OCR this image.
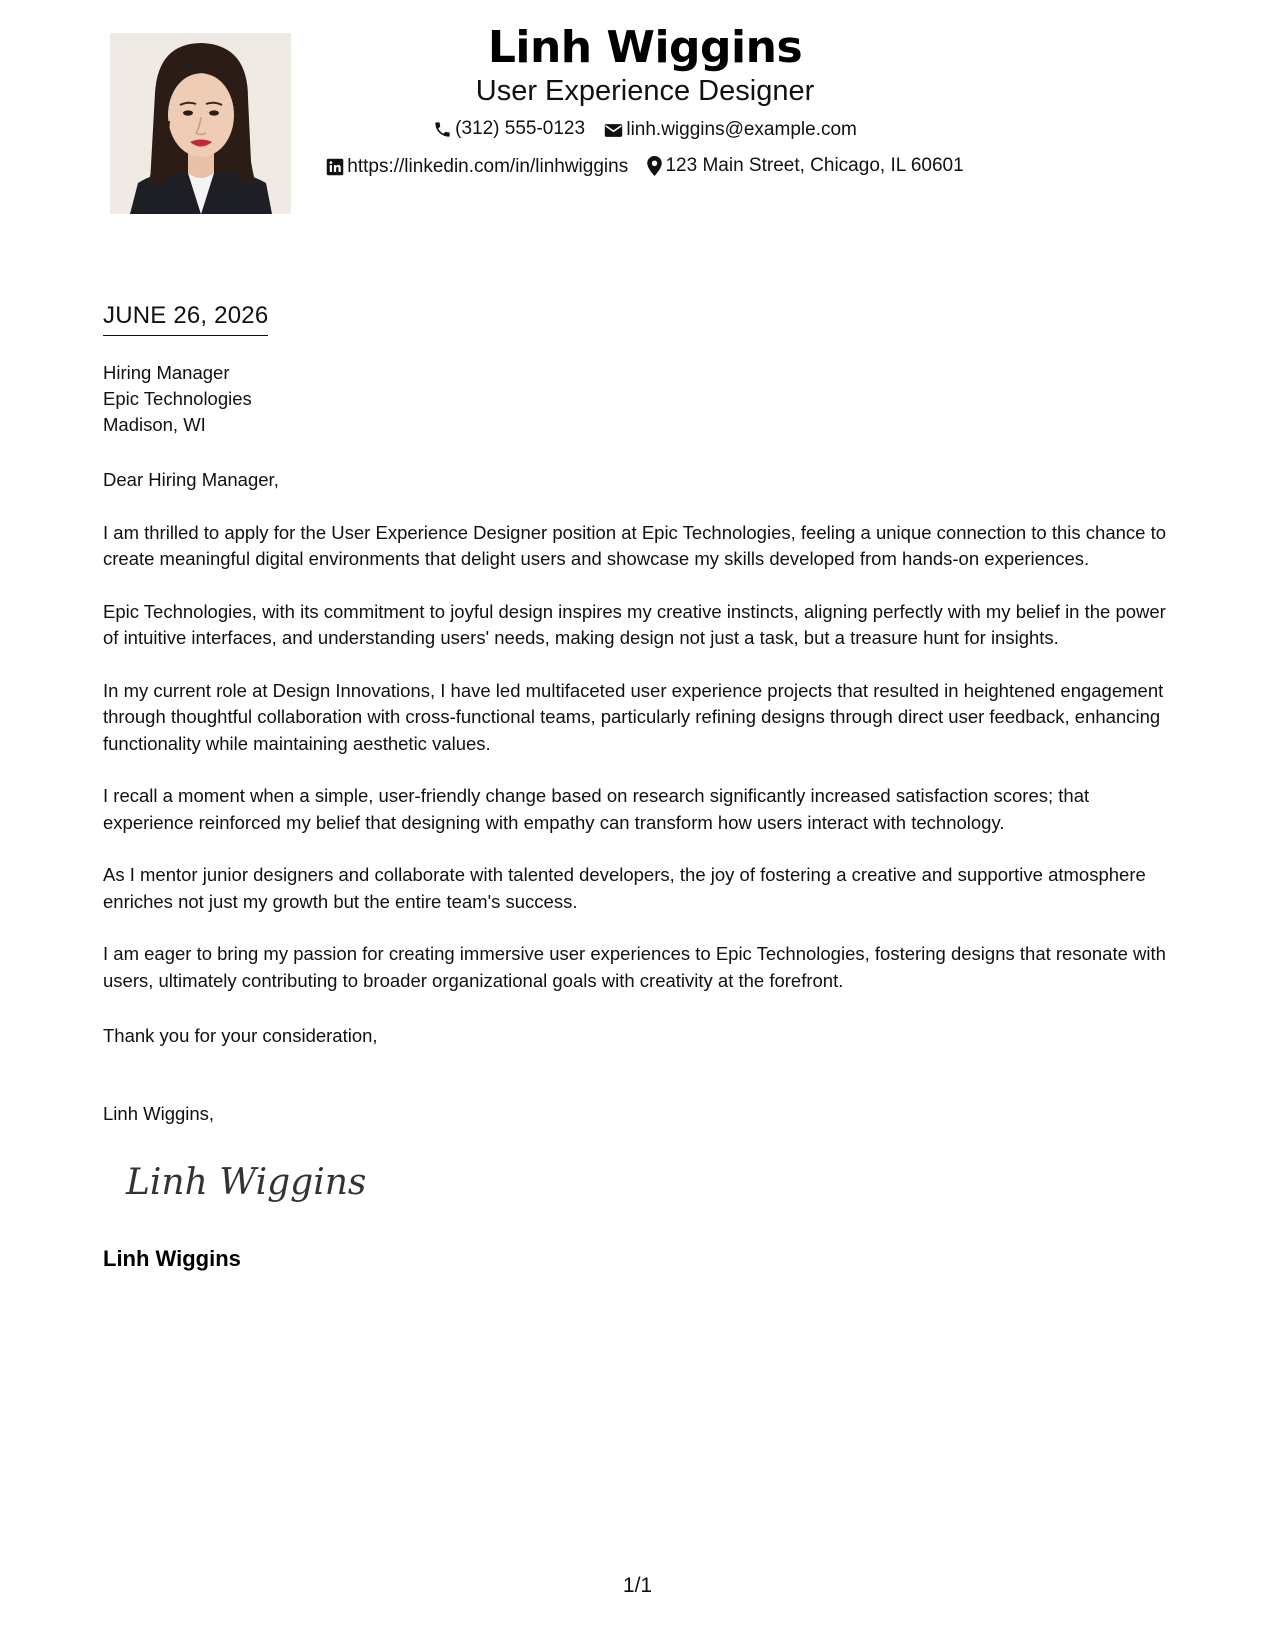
Linh Wiggins
User Experience Designer
(312) 555-0123
linh.wiggins@example.com
https://linkedin.com/in/linhwiggins
123 Main Street, Chicago, IL 60601
JUNE 26, 2026
Hiring Manager
Epic Technologies
Madison, WI

Dear Hiring Manager,

I am thrilled to apply for the User Experience Designer position at Epic Technologies, feeling a unique connection to this chance to create meaningful digital environments that delight users and showcase my skills developed from hands-on experiences.

Epic Technologies, with its commitment to joyful design inspires my creative instincts, aligning perfectly with my belief in the power of intuitive interfaces, and understanding users' needs, making design not just a task, but a treasure hunt for insights.

In my current role at Design Innovations, I have led multifaceted user experience projects that resulted in heightened engagement through thoughtful collaboration with cross-functional teams, particularly refining designs through direct user feedback, enhancing functionality while maintaining aesthetic values.

I recall a moment when a simple, user-friendly change based on research significantly increased satisfaction scores; that experience reinforced my belief that designing with empathy can transform how users interact with technology.

As I mentor junior designers and collaborate with talented developers, the joy of fostering a creative and supportive atmosphere enriches not just my growth but the entire team's success.

I am eager to bring my passion for creating immersive user experiences to Epic Technologies, fostering designs that resonate with users, ultimately contributing to broader organizational goals with creativity at the forefront.

Thank you for your consideration,
Linh Wiggins,
Linh Wiggins
Linh Wiggins
1/1
